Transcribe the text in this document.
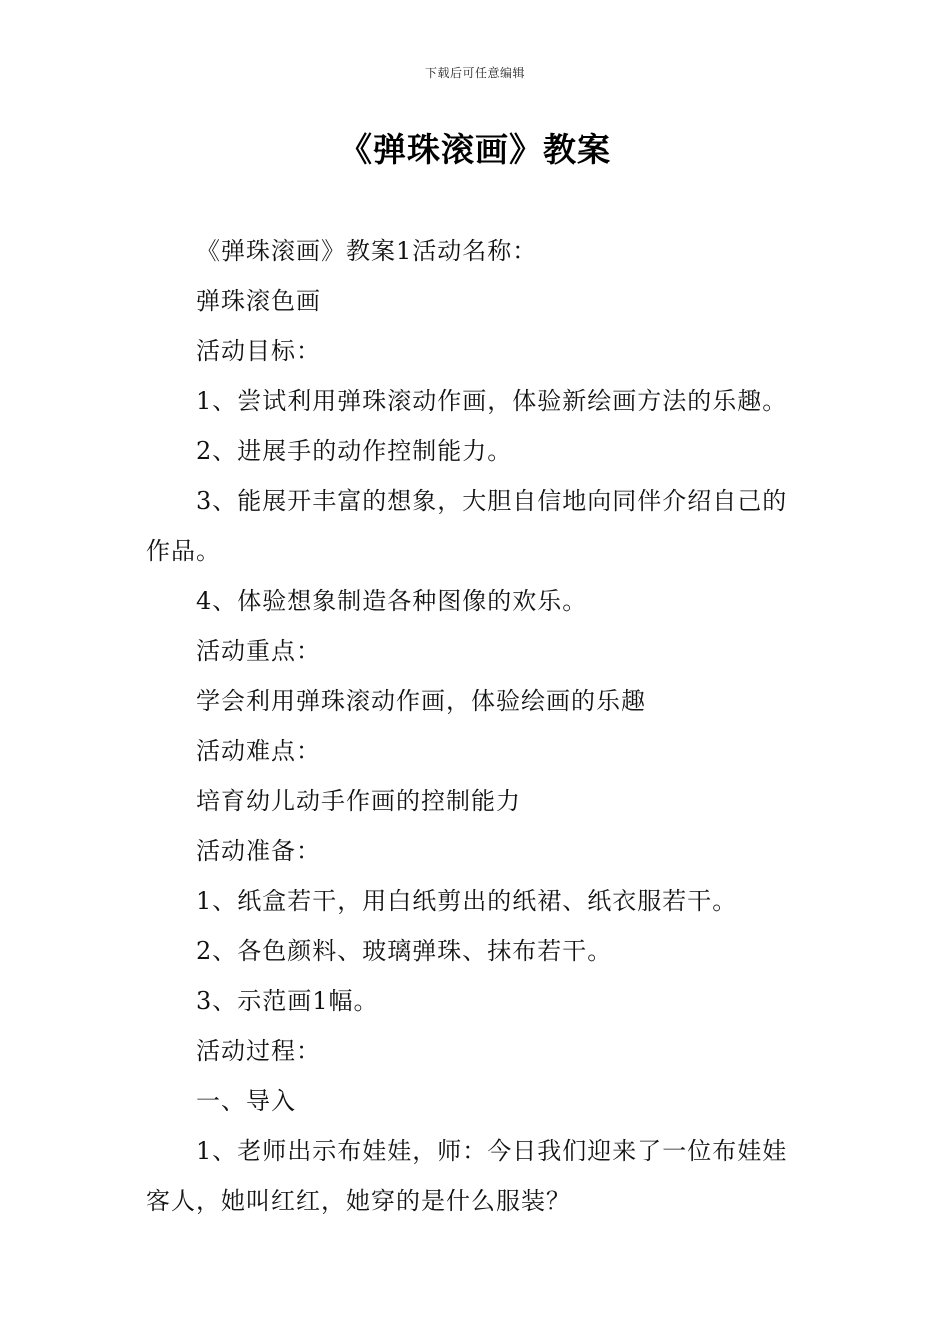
下载后可任意编辑
《弹珠滚画》教案

《弹珠滚画》教案1活动名称：

弹珠滚色画

活动目标：

1、尝试利用弹珠滚动作画，体验新绘画方法的乐趣。

2、进展手的动作控制能力。

3、能展开丰富的想象，大胆自信地向同伴介绍自己的作品。

4、体验想象制造各种图像的欢乐。

活动重点：

学会利用弹珠滚动作画，体验绘画的乐趣

活动难点：

培育幼儿动手作画的控制能力

活动准备：

1、纸盒若干，用白纸剪出的纸裙、纸衣服若干。

2、各色颜料、玻璃弹珠、抹布若干。

3、示范画1幅。

活动过程：

一、导入

1、老师出示布娃娃，师：今日我们迎来了一位布娃娃客人，她叫红红，她穿的是什么服装？
